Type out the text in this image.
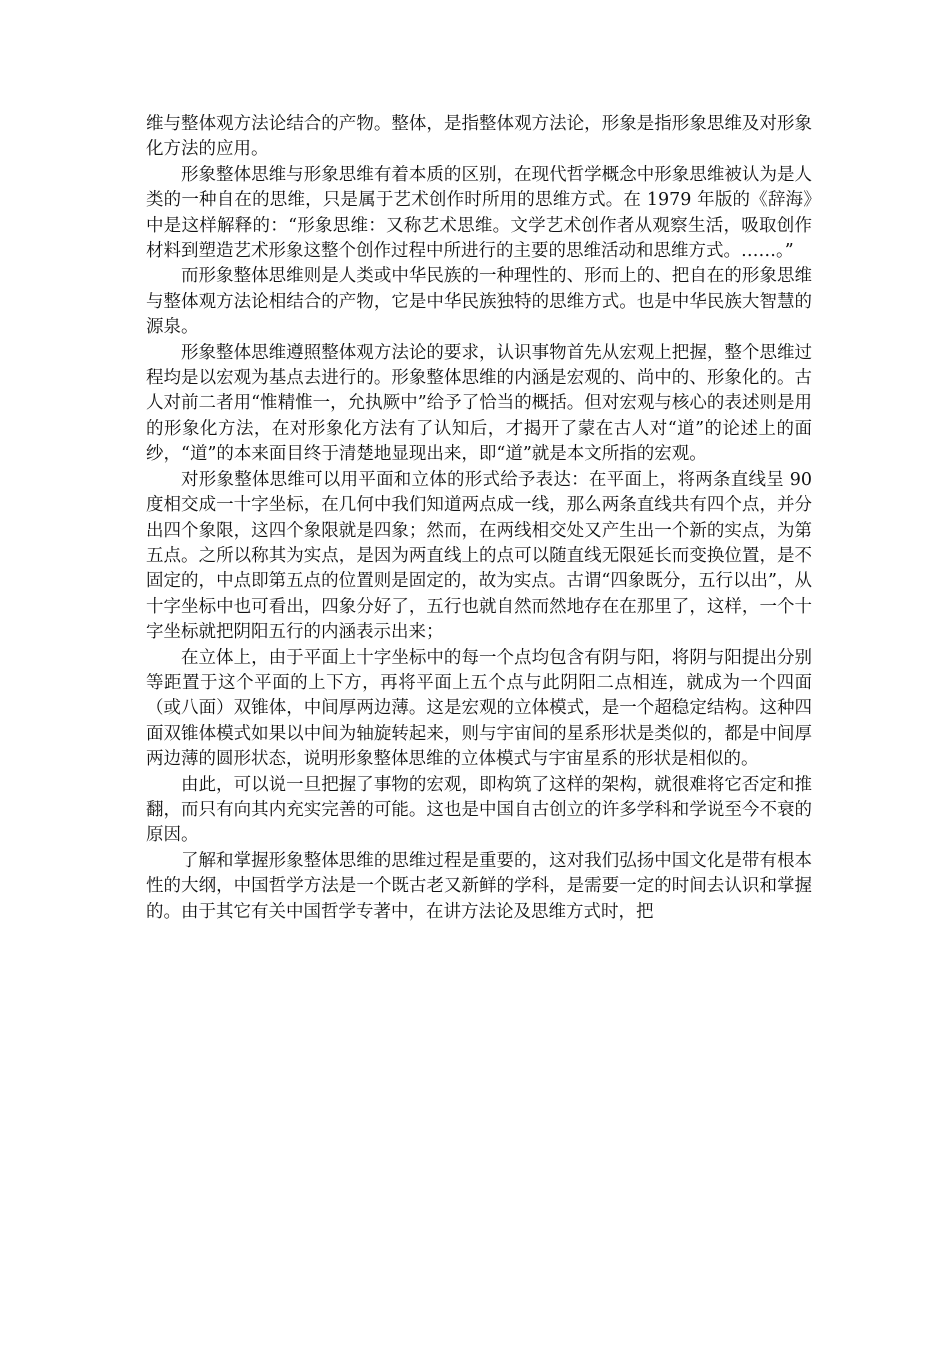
维与整体观方法论结合的产物。整体，是指整体观方法论，形象是指形象思维及对形象化方法的应用。

形象整体思维与形象思维有着本质的区别，在现代哲学概念中形象思维被认为是人类的一种自在的思维，只是属于艺术创作时所用的思维方式。在 1979 年版的《辞海》中是这样解释的：“形象思维：又称艺术思维。文学艺术创作者从观察生活，吸取创作材料到塑造艺术形象这整个创作过程中所进行的主要的思维活动和思维方式。……。”

而形象整体思维则是人类或中华民族的一种理性的、形而上的、把自在的形象思维与整体观方法论相结合的产物，它是中华民族独特的思维方式。也是中华民族大智慧的源泉。

形象整体思维遵照整体观方法论的要求，认识事物首先从宏观上把握，整个思维过程均是以宏观为基点去进行的。形象整体思维的内涵是宏观的、尚中的、形象化的。古人对前二者用“惟精惟一，允执厥中”给予了恰当的概括。但对宏观与核心的表述则是用的形象化方法，在对形象化方法有了认知后，才揭开了蒙在古人对“道”的论述上的面纱，“道”的本来面目终于清楚地显现出来，即“道”就是本文所指的宏观。

对形象整体思维可以用平面和立体的形式给予表达：在平面上，将两条直线呈 90 度相交成一十字坐标，在几何中我们知道两点成一线，那么两条直线共有四个点，并分出四个象限，这四个象限就是四象；然而，在两线相交处又产生出一个新的实点，为第五点。之所以称其为实点，是因为两直线上的点可以随直线无限延长而变换位置，是不固定的，中点即第五点的位置则是固定的，故为实点。古谓“四象既分，五行以出”，从十字坐标中也可看出，四象分好了，五行也就自然而然地存在在那里了，这样，一个十字坐标就把阴阳五行的内涵表示出来；

在立体上，由于平面上十字坐标中的每一个点均包含有阴与阳，将阴与阳提出分别等距置于这个平面的上下方，再将平面上五个点与此阴阳二点相连，就成为一个四面（或八面）双锥体，中间厚两边薄。这是宏观的立体模式，是一个超稳定结构。这种四面双锥体模式如果以中间为轴旋转起来，则与宇宙间的星系形状是类似的，都是中间厚两边薄的圆形状态，说明形象整体思维的立体模式与宇宙星系的形状是相似的。

由此，可以说一旦把握了事物的宏观，即构筑了这样的架构，就很难将它否定和推翻，而只有向其内充实完善的可能。这也是中国自古创立的许多学科和学说至今不衰的原因。

了解和掌握形象整体思维的思维过程是重要的，这对我们弘扬中国文化是带有根本性的大纲，中国哲学方法是一个既古老又新鲜的学科，是需要一定的时间去认识和掌握的。由于其它有关中国哲学专著中，在讲方法论及思维方式时，把
